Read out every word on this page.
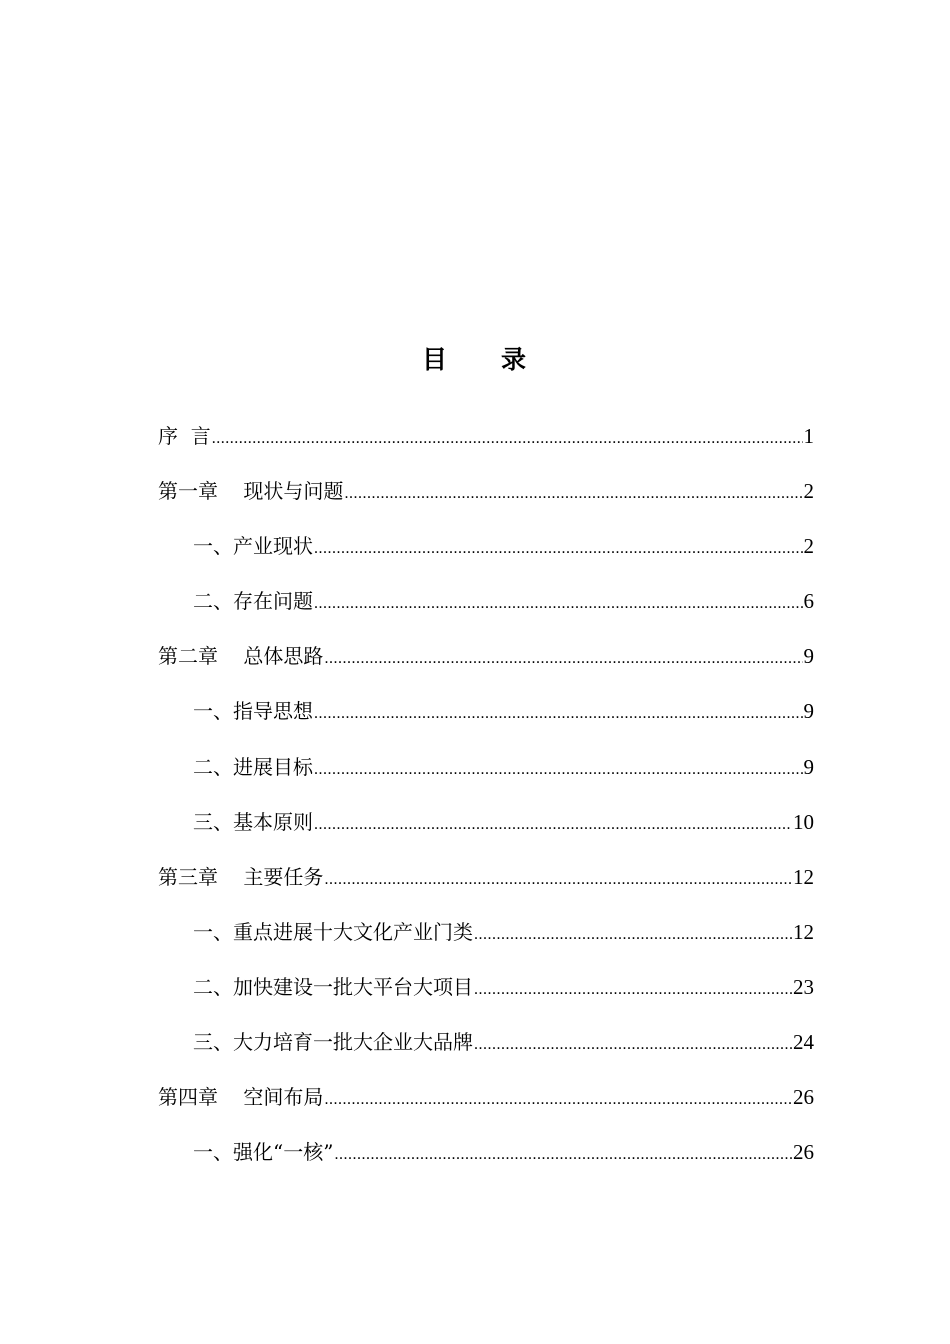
目 录
序  言 .....	1
第一章    现状与问题 .....	2
一、产业现状 .....	2
二、存在问题 .....	6
第二章    总体思路 .....	9
一、指导思想 .....	9
二、进展目标 .....	9
三、基本原则 .....	10
第三章    主要任务 .....	12
一、重点进展十大文化产业门类 .....	12
二、加快建设一批大平台大项目 .....	23
三、大力培育一批大企业大品牌 .....	24
第四章    空间布局 .....	26
一、强化“一核” .....	26
